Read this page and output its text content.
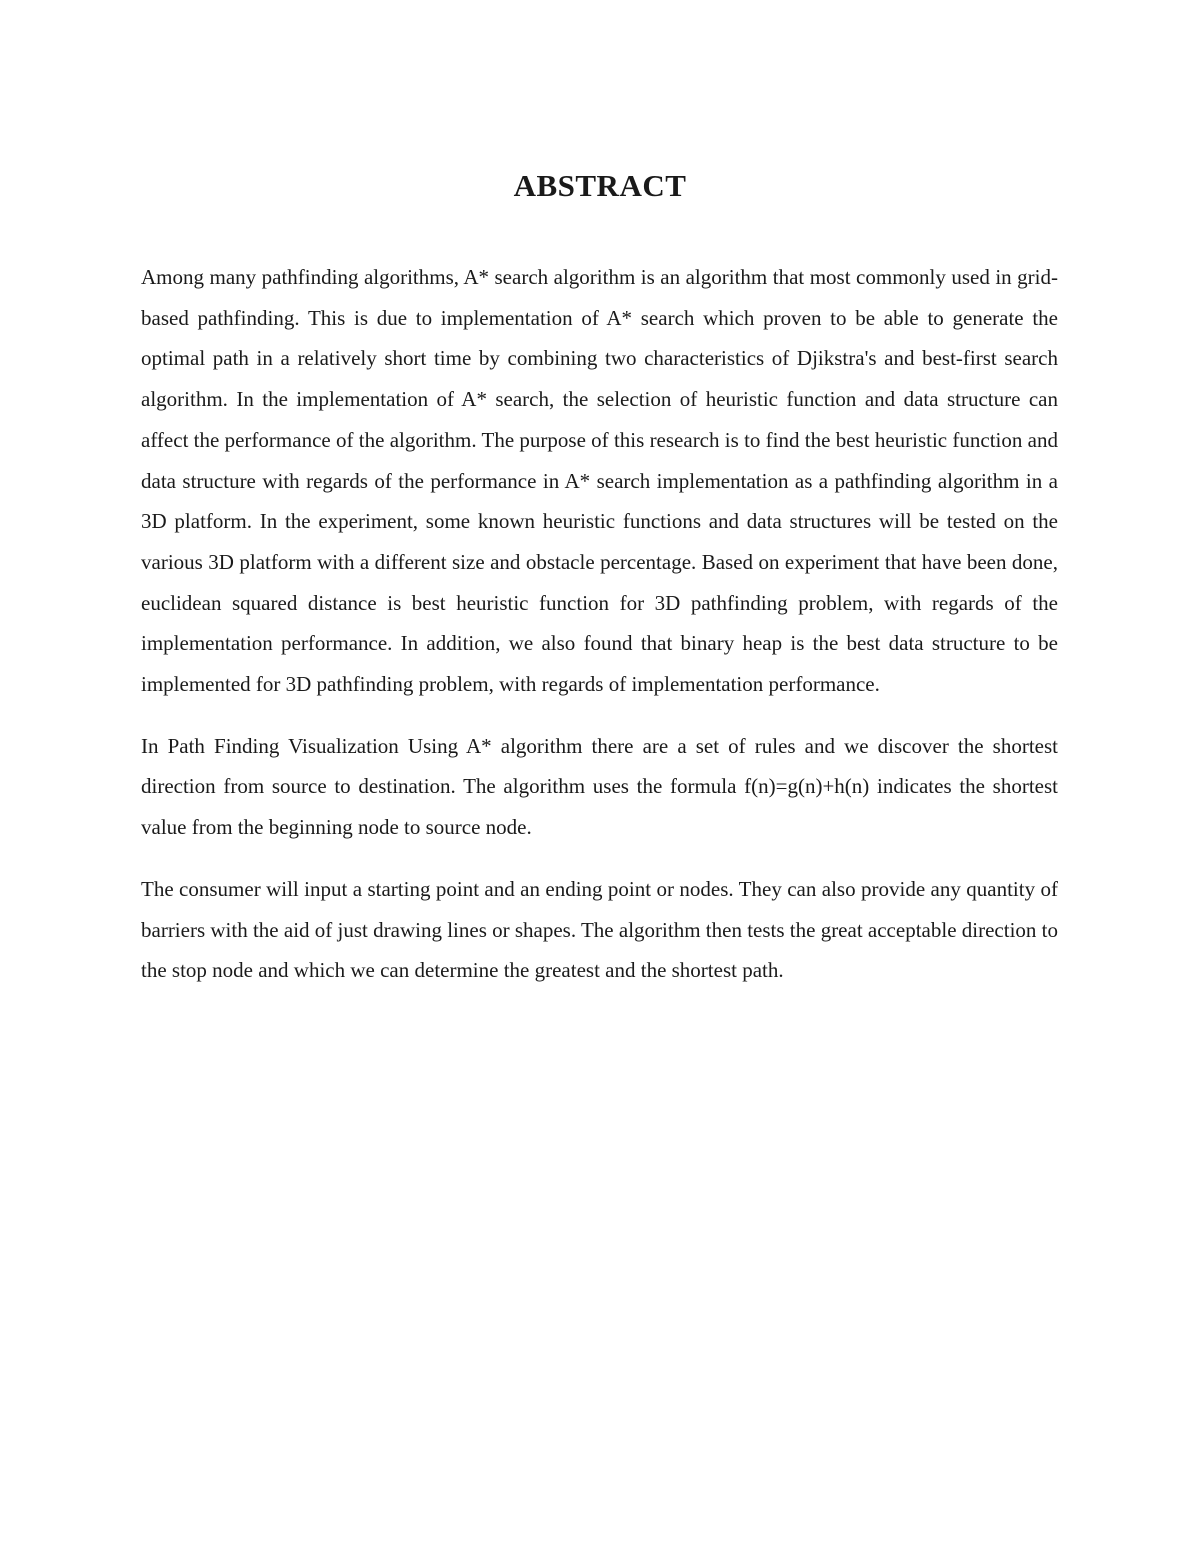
ABSTRACT

Among many pathfinding algorithms, A* search algorithm is an algorithm that most commonly used in grid-based pathfinding. This is due to implementation of A* search which proven to be able to generate the optimal path in a relatively short time by combining two characteristics of Djikstra's and best-first search algorithm. In the implementation of A* search, the selection of heuristic function and data structure can affect the performance of the algorithm. The purpose of this research is to find the best heuristic function and data structure with regards of the performance in A* search implementation as a pathfinding algorithm in a 3D platform. In the experiment, some known heuristic functions and data structures will be tested on the various 3D platform with a different size and obstacle percentage. Based on experiment that have been done, euclidean squared distance is best heuristic function for 3D pathfinding problem, with regards of the implementation performance. In addition, we also found that binary heap is the best data structure to be implemented for 3D pathfinding problem, with regards of implementation performance.

In Path Finding Visualization Using A* algorithm there are a set of rules and we discover the shortest direction from source to destination. The algorithm uses the formula f(n)=g(n)+h(n) indicates the shortest value from the beginning node to source node.

The consumer will input a starting point and an ending point or nodes. They can also provide any quantity of barriers with the aid of just drawing lines or shapes. The algorithm then tests the great acceptable direction to the stop node and which we can determine the greatest and the shortest path.
